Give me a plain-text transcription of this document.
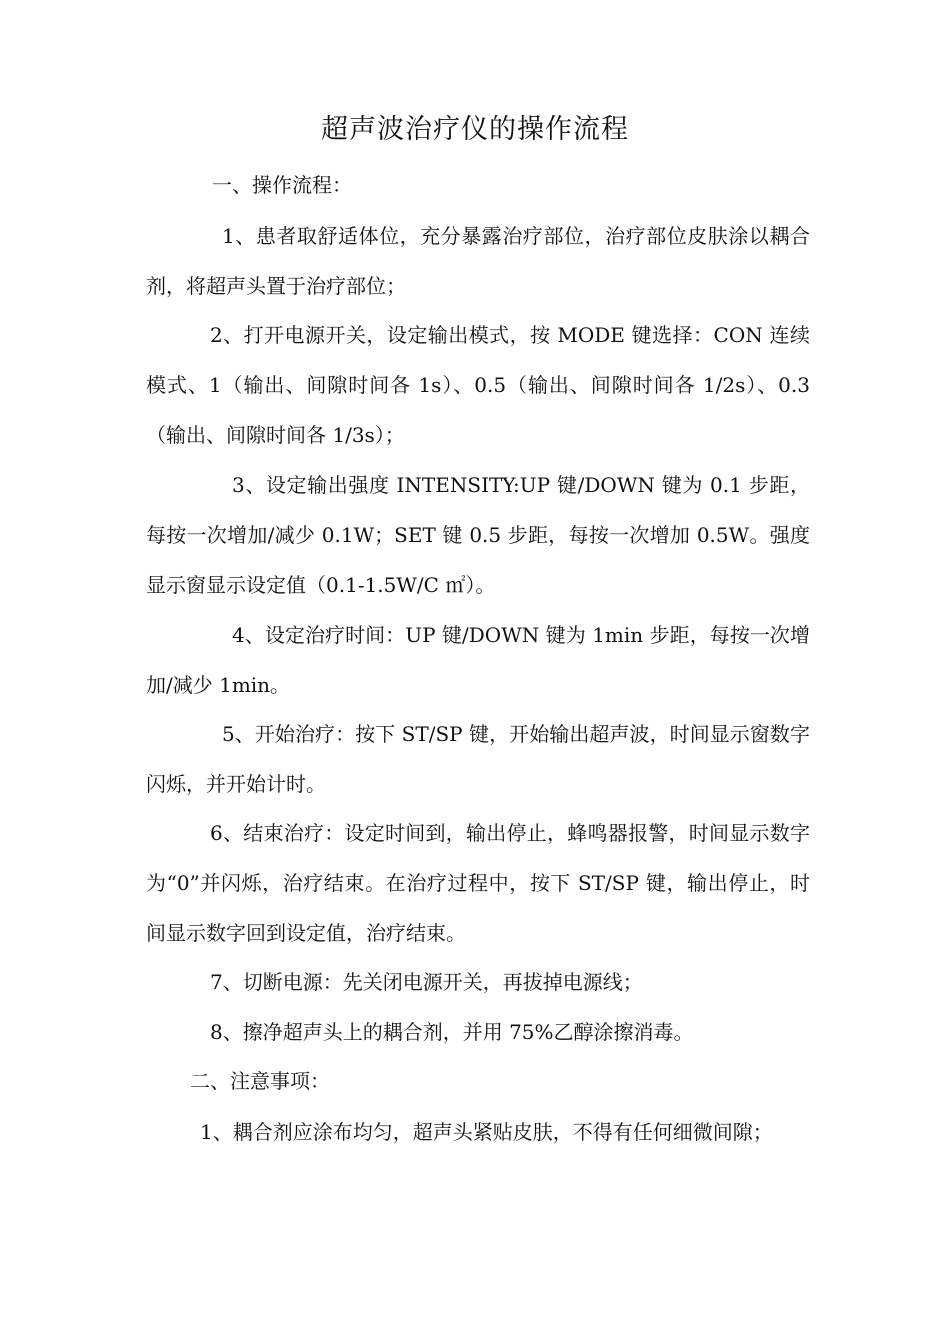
超声波治疗仪的操作流程

一、操作流程：

1、患者取舒适体位，充分暴露治疗部位，治疗部位皮肤涂以耦合剂，将超声头置于治疗部位；

2、打开电源开关，设定输出模式，按 MODE 键选择：CON 连续模式、1（输出、间隙时间各 1s）、0.5（输出、间隙时间各 1/2s）、0.3（输出、间隙时间各 1/3s）；

3、设定输出强度 INTENSITY:UP 键/DOWN 键为 0.1 步距，每按一次增加/减少 0.1W；SET 键 0.5 步距，每按一次增加 0.5W。强度显示窗显示设定值（0.1-1.5W/C ㎡）。

4、设定治疗时间：UP 键/DOWN 键为 1min 步距，每按一次增加/减少 1min。

5、开始治疗：按下 ST/SP 键，开始输出超声波，时间显示窗数字闪烁，并开始计时。

6、结束治疗：设定时间到，输出停止，蜂鸣器报警，时间显示数字为“0”并闪烁，治疗结束。在治疗过程中，按下 ST/SP 键，输出停止，时间显示数字回到设定值，治疗结束。

7、切断电源：先关闭电源开关，再拔掉电源线；

8、擦净超声头上的耦合剂，并用 75%乙醇涂擦消毒。

二、注意事项：

1、耦合剂应涂布均匀，超声头紧贴皮肤，不得有任何细微间隙；
